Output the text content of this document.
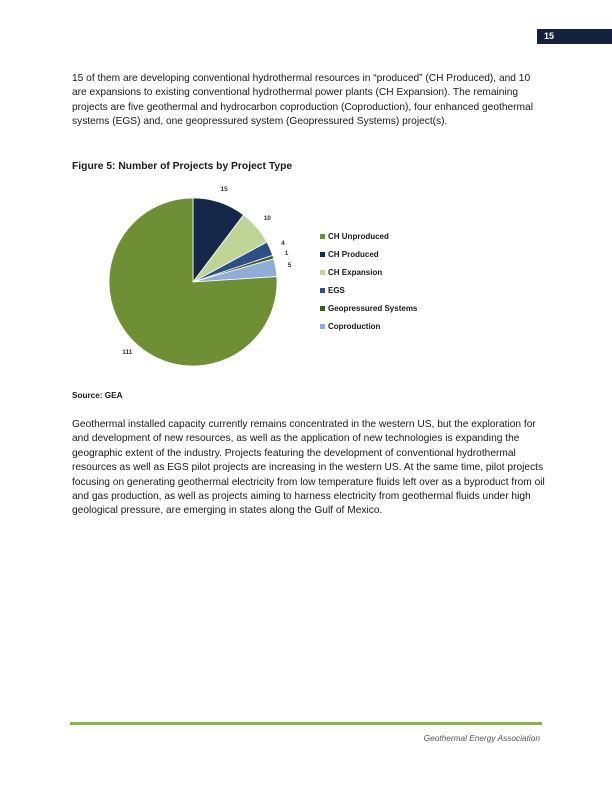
15

15 of them are developing conventional hydrothermal resources in “produced” (CH Produced), and 10 are expansions to existing conventional hydrothermal power plants (CH Expansion). The remaining projects are five geothermal and hydrocarbon coproduction (Coproduction), four enhanced geothermal systems (EGS) and, one geopressured system (Geopressured Systems) project(s).

Figure 5: Number of Projects by Project Type

15
10
4
1
5
111
CH Unproduced
CH Produced
CH Expansion
EGS
Geopressured Systems
Coproduction
Source: GEA

Geothermal installed capacity currently remains concentrated in the western US, but the exploration for and development of new resources, as well as the application of new technologies is expanding the geographic extent of the industry. Projects featuring the development of conventional hydrothermal resources as well as EGS pilot projects are increasing in the western US. At the same time, pilot projects focusing on generating geothermal electricity from low temperature fluids left over as a byproduct from oil and gas production, as well as projects aiming to harness electricity from geothermal fluids under high geological pressure, are emerging in states along the Gulf of Mexico.

Geothermal Energy Association
